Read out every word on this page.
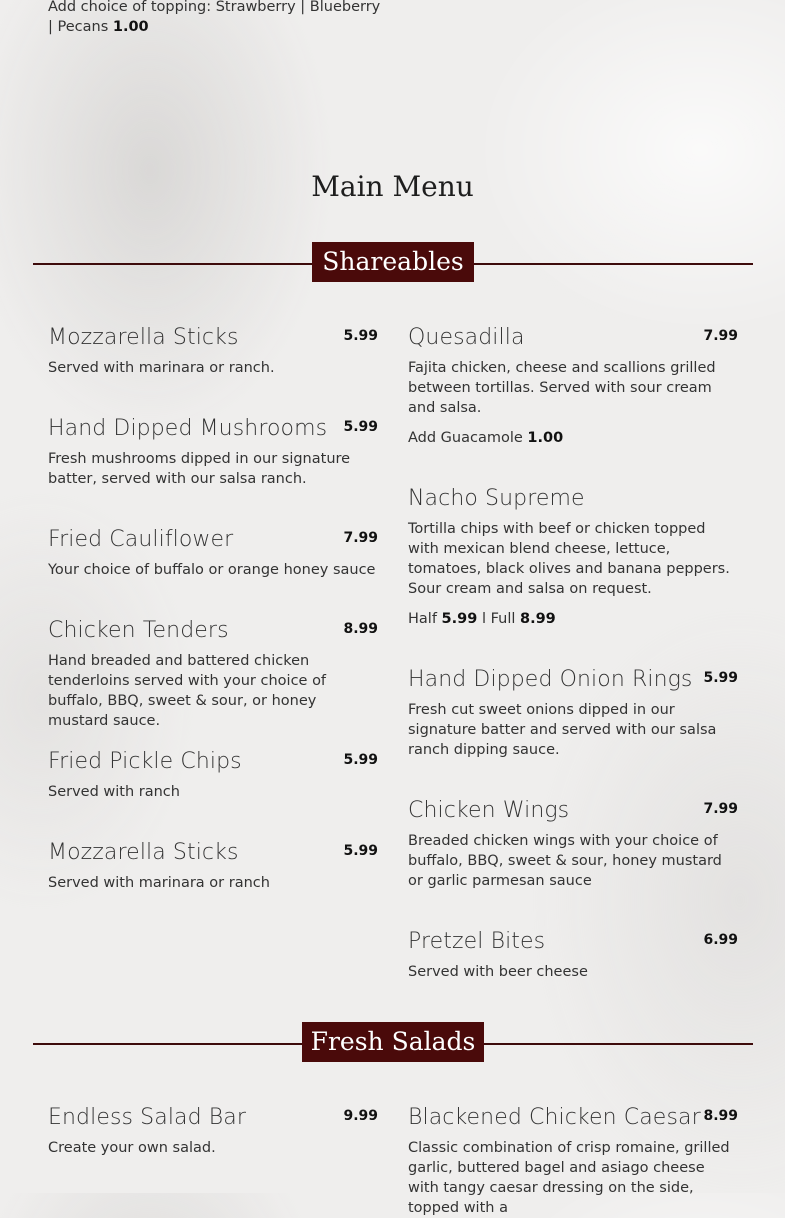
Add choice of topping: Strawberry | Blueberry | Pecans 1.00
Main Menu
Shareables
Mozzarella Sticks	5.99
Served with marinara or ranch.
Hand Dipped Mushrooms 5.99
Fresh mushrooms dipped in our signature batter, served with our salsa ranch.
Fried Cauliflower	7.99
Your choice of buffalo or orange honey sauce
Chicken Tenders	8.99
Hand breaded and battered chicken tenderloins served with your choice of buffalo, BBQ, sweet & sour, or honey mustard sauce.
Fried Pickle Chips	5.99
Served with ranch
Mozzarella Sticks	5.99
Served with marinara or ranch
Quesadilla	7.99
Fajita chicken, cheese and scallions grilled between tortillas. Served with sour cream and salsa.
Add Guacamole 1.00
Nacho Supreme
Tortilla chips with beef or chicken topped with mexican blend cheese, lettuce, tomatoes, black olives and banana peppers. Sour cream and salsa on request.
Half 5.99 l Full 8.99
Hand Dipped Onion Rings 5.99
Fresh cut sweet onions dipped in our signature batter and served with our salsa ranch dipping sauce.
Chicken Wings	7.99
Breaded chicken wings with your choice of buffalo, BBQ, sweet & sour, honey mustard or garlic parmesan sauce
Pretzel Bites	6.99
Served with beer cheese
Fresh Salads
Endless Salad Bar	9.99
Create your own salad.
Blackened Chicken Caesar 8.99
Classic combination of crisp romaine, grilled garlic, buttered bagel and asiago cheese with tangy caesar dressing on the side, topped with a
